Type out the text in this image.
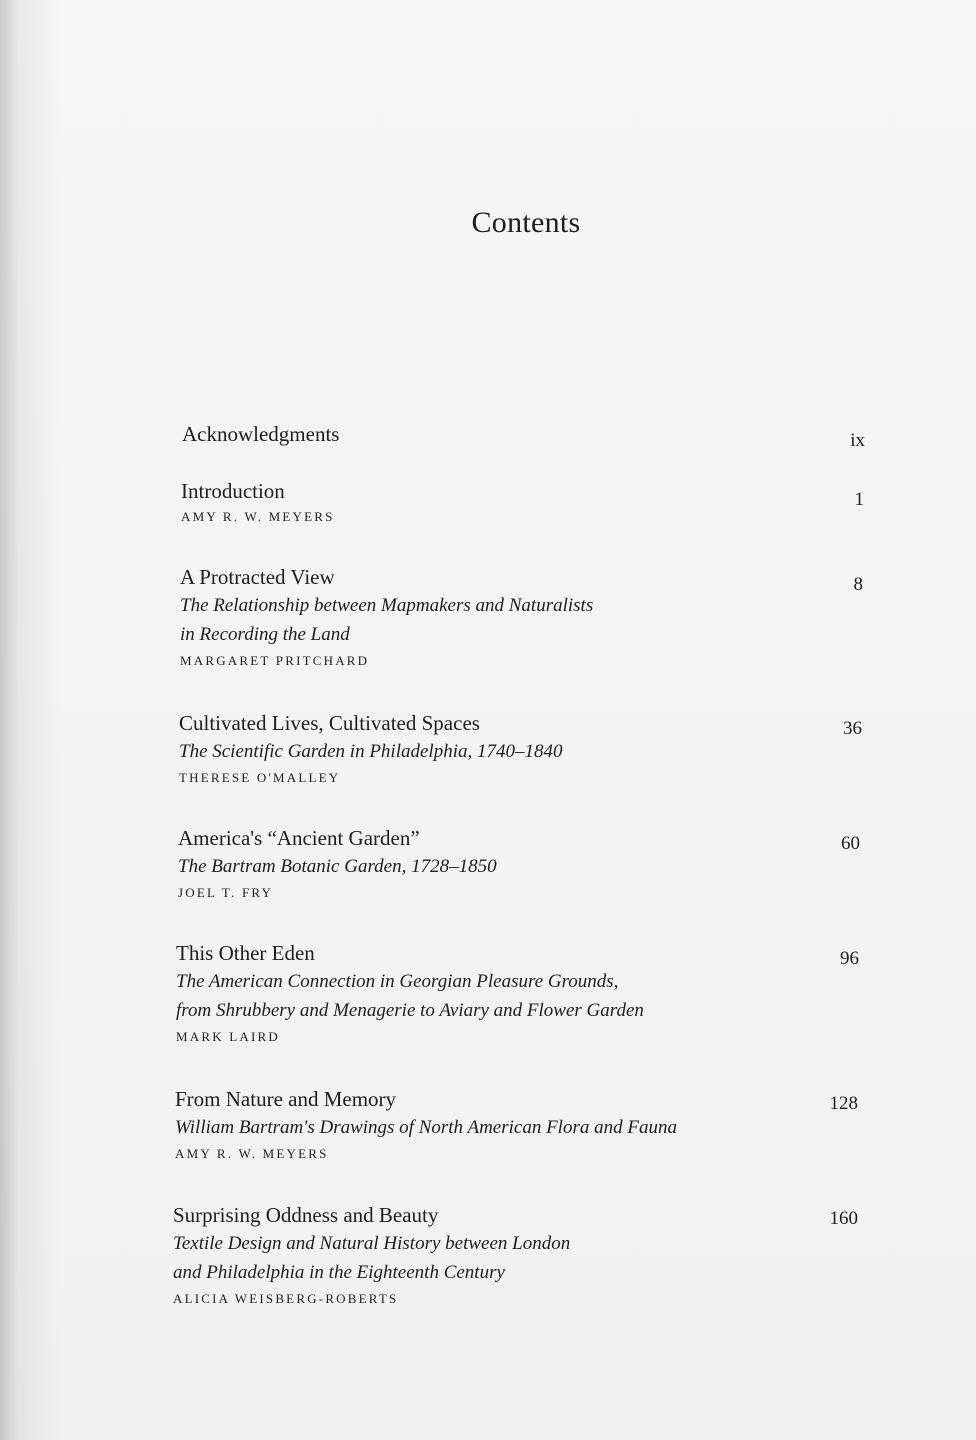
Contents
Acknowledgments	ix
Introduction
AMY R. W. MEYERS
1
A Protracted View
The Relationship between Mapmakers and Naturalists
in Recording the Land
MARGARET PRITCHARD
8
Cultivated Lives, Cultivated Spaces
The Scientific Garden in Philadelphia, 1740–1840
THERESE O'MALLEY
36
America's “Ancient Garden”
The Bartram Botanic Garden, 1728–1850
JOEL T. FRY
60
This Other Eden
The American Connection in Georgian Pleasure Grounds,
from Shrubbery and Menagerie to Aviary and Flower Garden
MARK LAIRD
96
From Nature and Memory
William Bartram's Drawings of North American Flora and Fauna
AMY R. W. MEYERS
128
Surprising Oddness and Beauty
Textile Design and Natural History between London
and Philadelphia in the Eighteenth Century
ALICIA WEISBERG-ROBERTS
160
